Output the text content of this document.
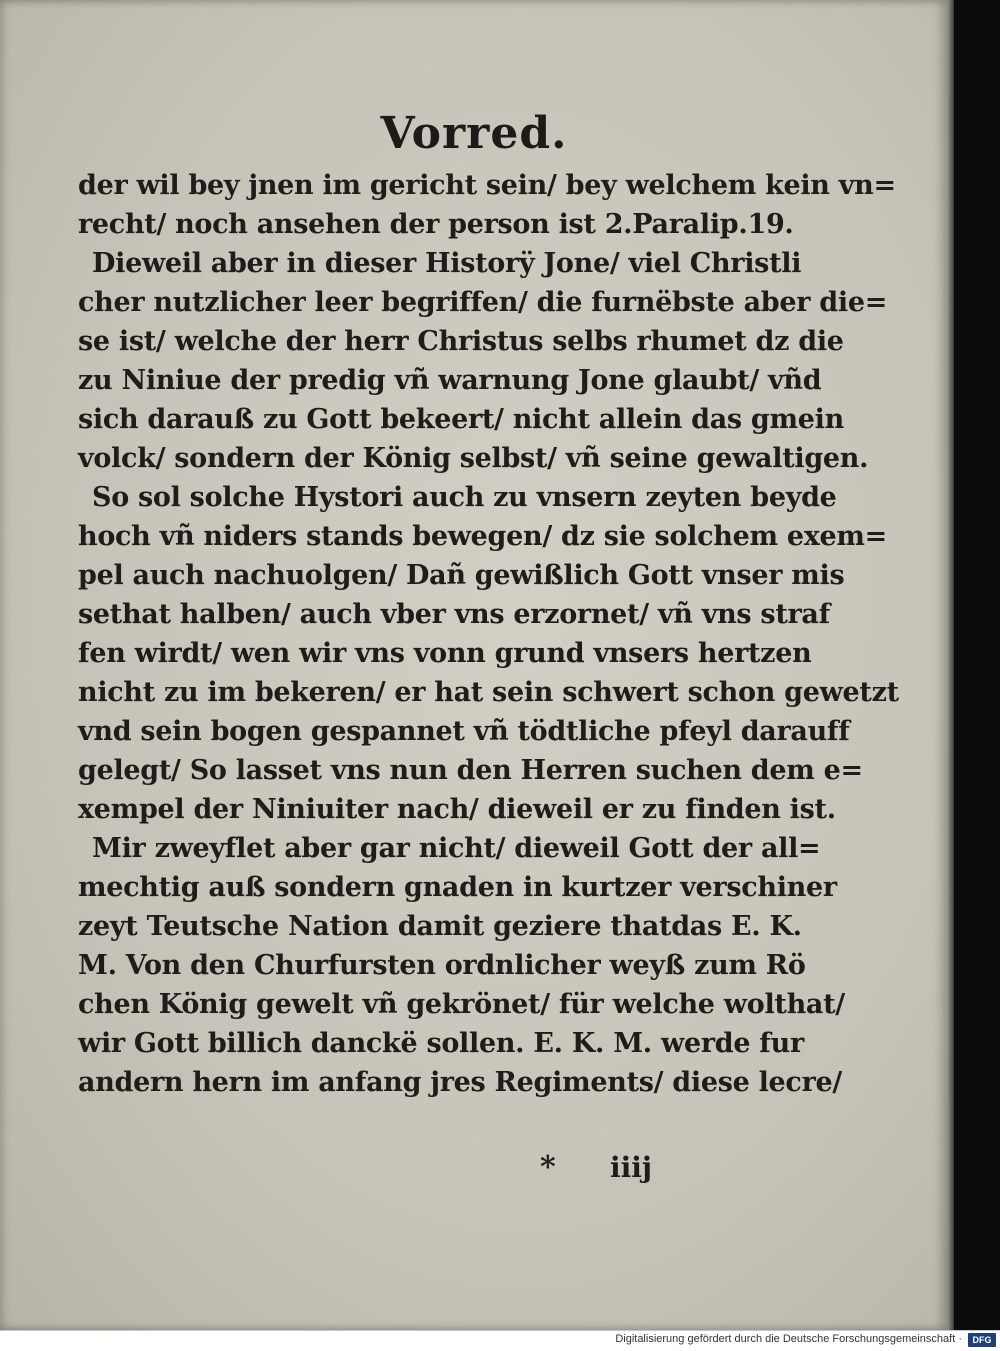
Vorred.
der wil bey jnen im gericht sein/ bey welchem kein vn=
recht/ noch ansehen der person ist 2.Paralip.19.
Dieweil aber in dieser Historÿ Jone/ viel Christli
cher nutzlicher leer begriffen/ die furnëbste aber die=
se ist/ welche der herr Christus selbs rhumet dz die
zu Niniue der predig vñ warnung Jone glaubt/ vñd
sich darauß zu Gott bekeert/ nicht allein das gmein
volck/ sondern der König selbst/ vñ seine gewaltigen.
So sol solche Hystori auch zu vnsern zeyten beyde
hoch vñ niders stands bewegen/ dz sie solchem exem=
pel auch nachuolgen/ Dañ gewißlich Gott vnser mis
sethat halben/ auch vber vns erzornet/ vñ vns straf
fen wirdt/ wen wir vns vonn grund vnsers hertzen
nicht zu im bekeren/ er hat sein schwert schon gewetzt
vnd sein bogen gespannet vñ tödtliche pfeyl darauff
gelegt/ So lasset vns nun den Herren suchen dem e=
xempel der Niniuiter nach/ dieweil er zu finden ist.
Mir zweyflet aber gar nicht/ dieweil Gott der all=
mechtig auß sondern gnaden in kurtzer verschiner
zeyt Teutsche Nation damit geziere thatdas E. K.
M. Von den Churfursten ordnlicher weyß zum Rö
chen König gewelt vñ gekrönet/ für welche wolthat/
wir Gott billich danckë sollen. E. K. M. werde fur
andern hern im anfang jres Regiments/ diese lecre/
* iiij
Digitalisierung gefördert durch die Deutsche Forschungsgemeinschaft ·	DFG
